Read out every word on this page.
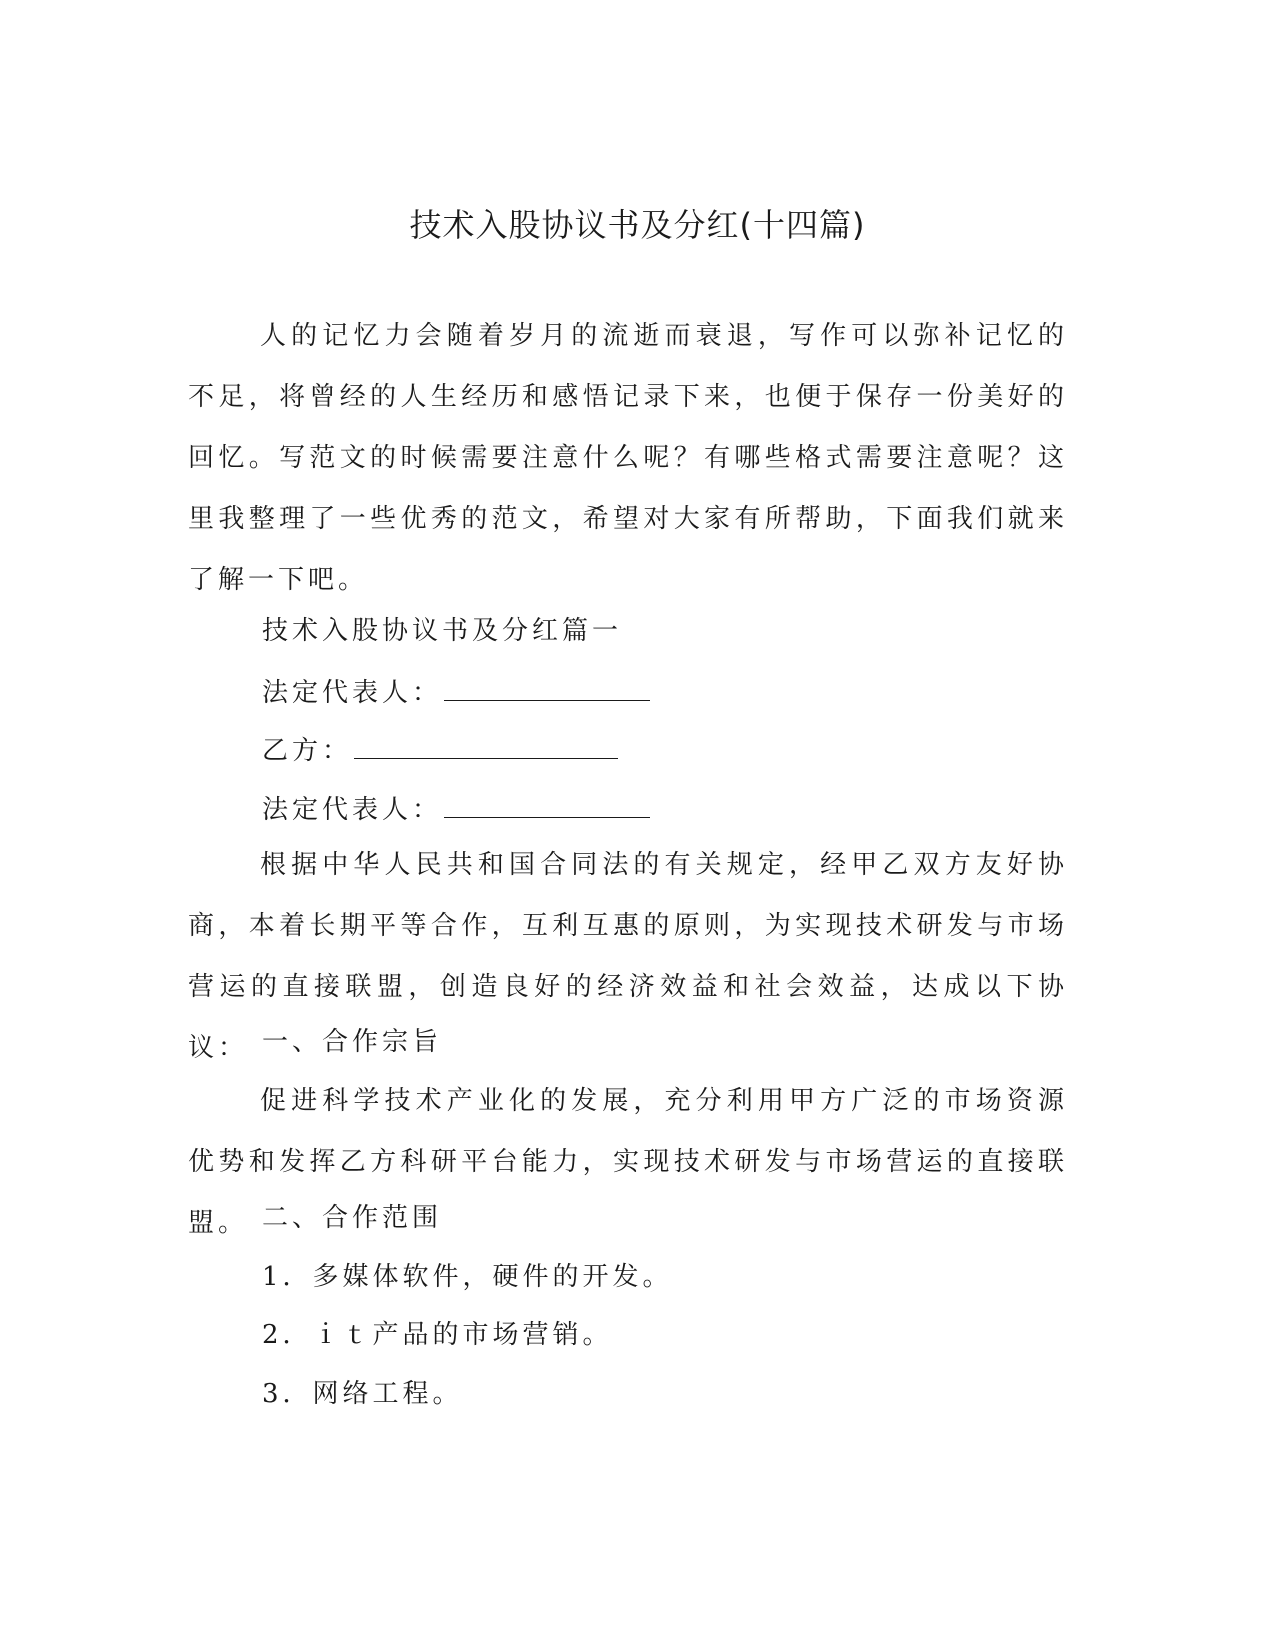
技术入股协议书及分红(十四篇)

人的记忆力会随着岁月的流逝而衰退，写作可以弥补记忆的不足，将曾经的人生经历和感悟记录下来，也便于保存一份美好的回忆。写范文的时候需要注意什么呢？有哪些格式需要注意呢？这里我整理了一些优秀的范文，希望对大家有所帮助，下面我们就来了解一下吧。

技术入股协议书及分红篇一

法定代表人：

乙方：

法定代表人：

根据中华人民共和国合同法的有关规定，经甲乙双方友好协商，本着长期平等合作，互利互惠的原则，为实现技术研发与市场营运的直接联盟，创造良好的经济效益和社会效益，达成以下协议： 一、合作宗旨

促进科学技术产业化的发展，充分利用甲方广泛的市场资源优势和发挥乙方科研平台能力，实现技术研发与市场营运的直接联盟。 二、合作范围

1．多媒体软件，硬件的开发。

2．ｉｔ产品的市场营销。

3．网络工程。
